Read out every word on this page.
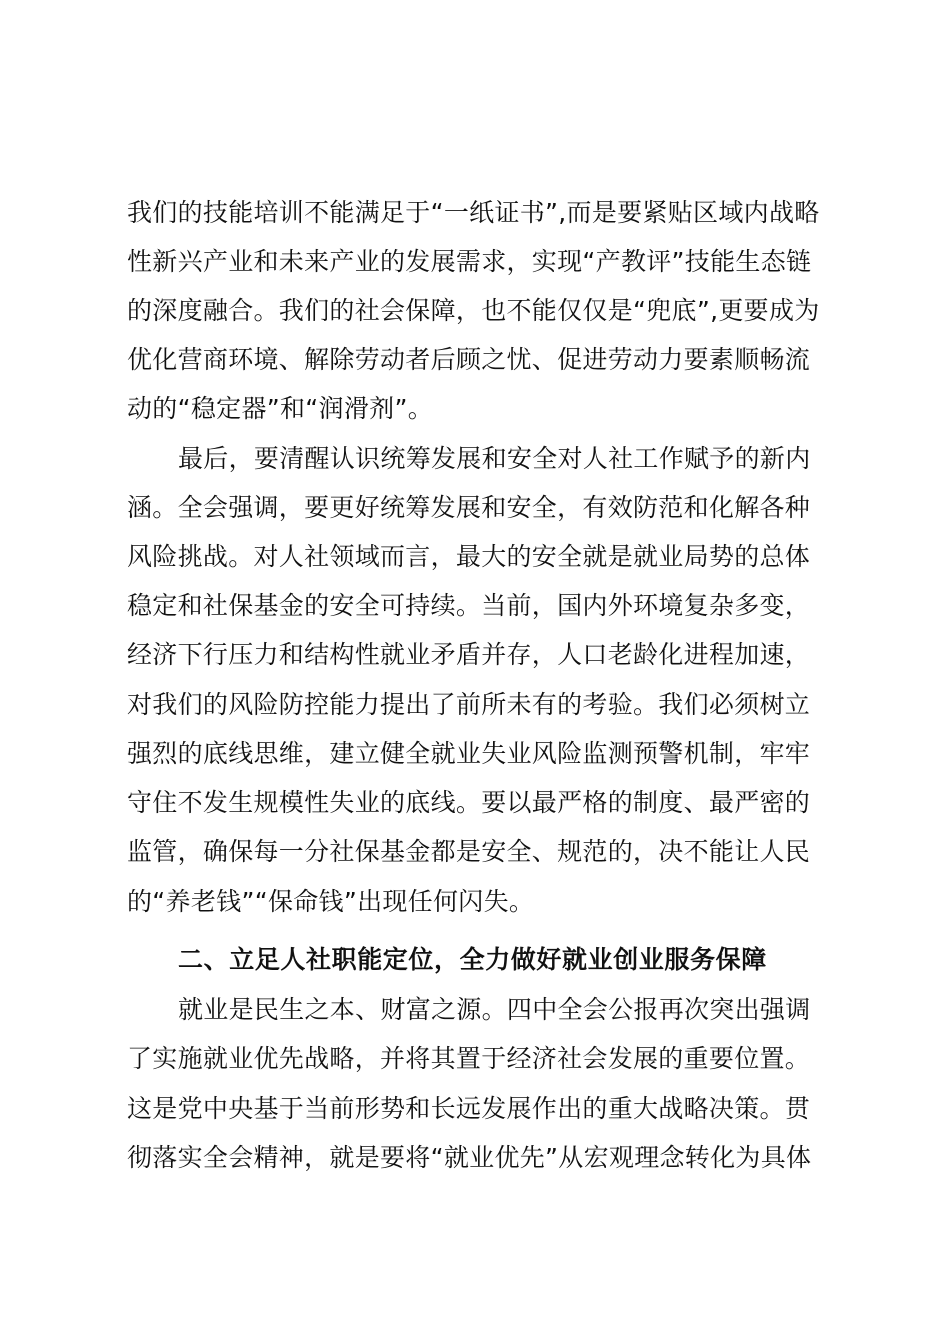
我们的技能培训不能满足于“一纸证书”,而是要紧贴区域内战略
性新兴产业和未来产业的发展需求，实现“产教评”技能生态链
的深度融合。我们的社会保障，也不能仅仅是“兜底”,更要成为
优化营商环境、解除劳动者后顾之忧、促进劳动力要素顺畅流
动的“稳定器”和“润滑剂”。
最后，要清醒认识统筹发展和安全对人社工作赋予的新内
涵。全会强调，要更好统筹发展和安全，有效防范和化解各种
风险挑战。对人社领域而言，最大的安全就是就业局势的总体
稳定和社保基金的安全可持续。当前，国内外环境复杂多变，
经济下行压力和结构性就业矛盾并存，人口老龄化进程加速，
对我们的风险防控能力提出了前所未有的考验。我们必须树立
强烈的底线思维，建立健全就业失业风险监测预警机制，牢牢
守住不发生规模性失业的底线。要以最严格的制度、最严密的
监管，确保每一分社保基金都是安全、规范的，决不能让人民
的“养老钱”“保命钱”出现任何闪失。
二、立足人社职能定位，全力做好就业创业服务保障
就业是民生之本、财富之源。四中全会公报再次突出强调
了实施就业优先战略，并将其置于经济社会发展的重要位置。
这是党中央基于当前形势和长远发展作出的重大战略决策。贯
彻落实全会精神，就是要将“就业优先”从宏观理念转化为具体
